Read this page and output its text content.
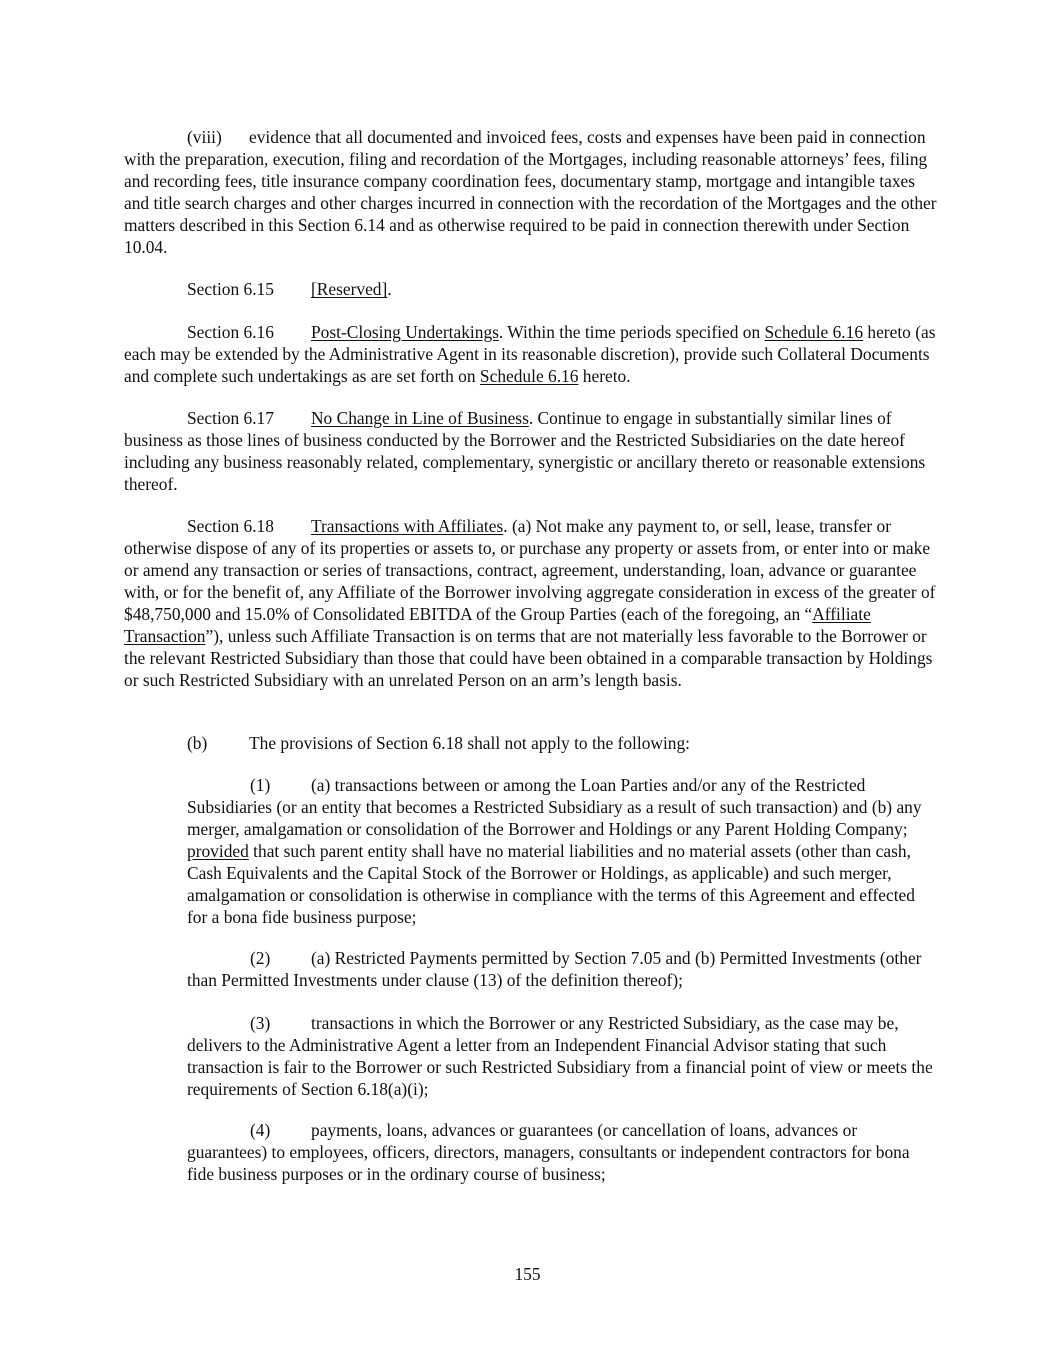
(viii) evidence that all documented and invoiced fees, costs and expenses have been paid in connection with the preparation, execution, filing and recordation of the Mortgages, including reasonable attorneys’ fees, filing and recording fees, title insurance company coordination fees, documentary stamp, mortgage and intangible taxes and title search charges and other charges incurred in connection with the recordation of the Mortgages and the other matters described in this Section 6.14 and as otherwise required to be paid in connection therewith under Section 10.04.

Section 6.15 [Reserved].

Section 6.16 Post-Closing Undertakings. Within the time periods specified on Schedule 6.16 hereto (as each may be extended by the Administrative Agent in its reasonable discretion), provide such Collateral Documents and complete such undertakings as are set forth on Schedule 6.16 hereto.

Section 6.17 No Change in Line of Business. Continue to engage in substantially similar lines of business as those lines of business conducted by the Borrower and the Restricted Subsidiaries on the date hereof including any business reasonably related, complementary, synergistic or ancillary thereto or reasonable extensions thereof.

Section 6.18 Transactions with Affiliates. (a) Not make any payment to, or sell, lease, transfer or otherwise dispose of any of its properties or assets to, or purchase any property or assets from, or enter into or make or amend any transaction or series of transactions, contract, agreement, understanding, loan, advance or guarantee with, or for the benefit of, any Affiliate of the Borrower involving aggregate consideration in excess of the greater of $48,750,000 and 15.0% of Consolidated EBITDA of the Group Parties (each of the foregoing, an “Affiliate Transaction”), unless such Affiliate Transaction is on terms that are not materially less favorable to the Borrower or the relevant Restricted Subsidiary than those that could have been obtained in a comparable transaction by Holdings or such Restricted Subsidiary with an unrelated Person on an arm’s length basis.

(b) The provisions of Section 6.18 shall not apply to the following:

(1) (a) transactions between or among the Loan Parties and/or any of the Restricted Subsidiaries (or an entity that becomes a Restricted Subsidiary as a result of such transaction) and (b) any merger, amalgamation or consolidation of the Borrower and Holdings or any Parent Holding Company; provided that such parent entity shall have no material liabilities and no material assets (other than cash, Cash Equivalents and the Capital Stock of the Borrower or Holdings, as applicable) and such merger, amalgamation or consolidation is otherwise in compliance with the terms of this Agreement and effected for a bona fide business purpose;

(2) (a) Restricted Payments permitted by Section 7.05 and (b) Permitted Investments (other than Permitted Investments under clause (13) of the definition thereof);

(3) transactions in which the Borrower or any Restricted Subsidiary, as the case may be, delivers to the Administrative Agent a letter from an Independent Financial Advisor stating that such transaction is fair to the Borrower or such Restricted Subsidiary from a financial point of view or meets the requirements of Section 6.18(a)(i);

(4) payments, loans, advances or guarantees (or cancellation of loans, advances or guarantees) to employees, officers, directors, managers, consultants or independent contractors for bona fide business purposes or in the ordinary course of business;

155
